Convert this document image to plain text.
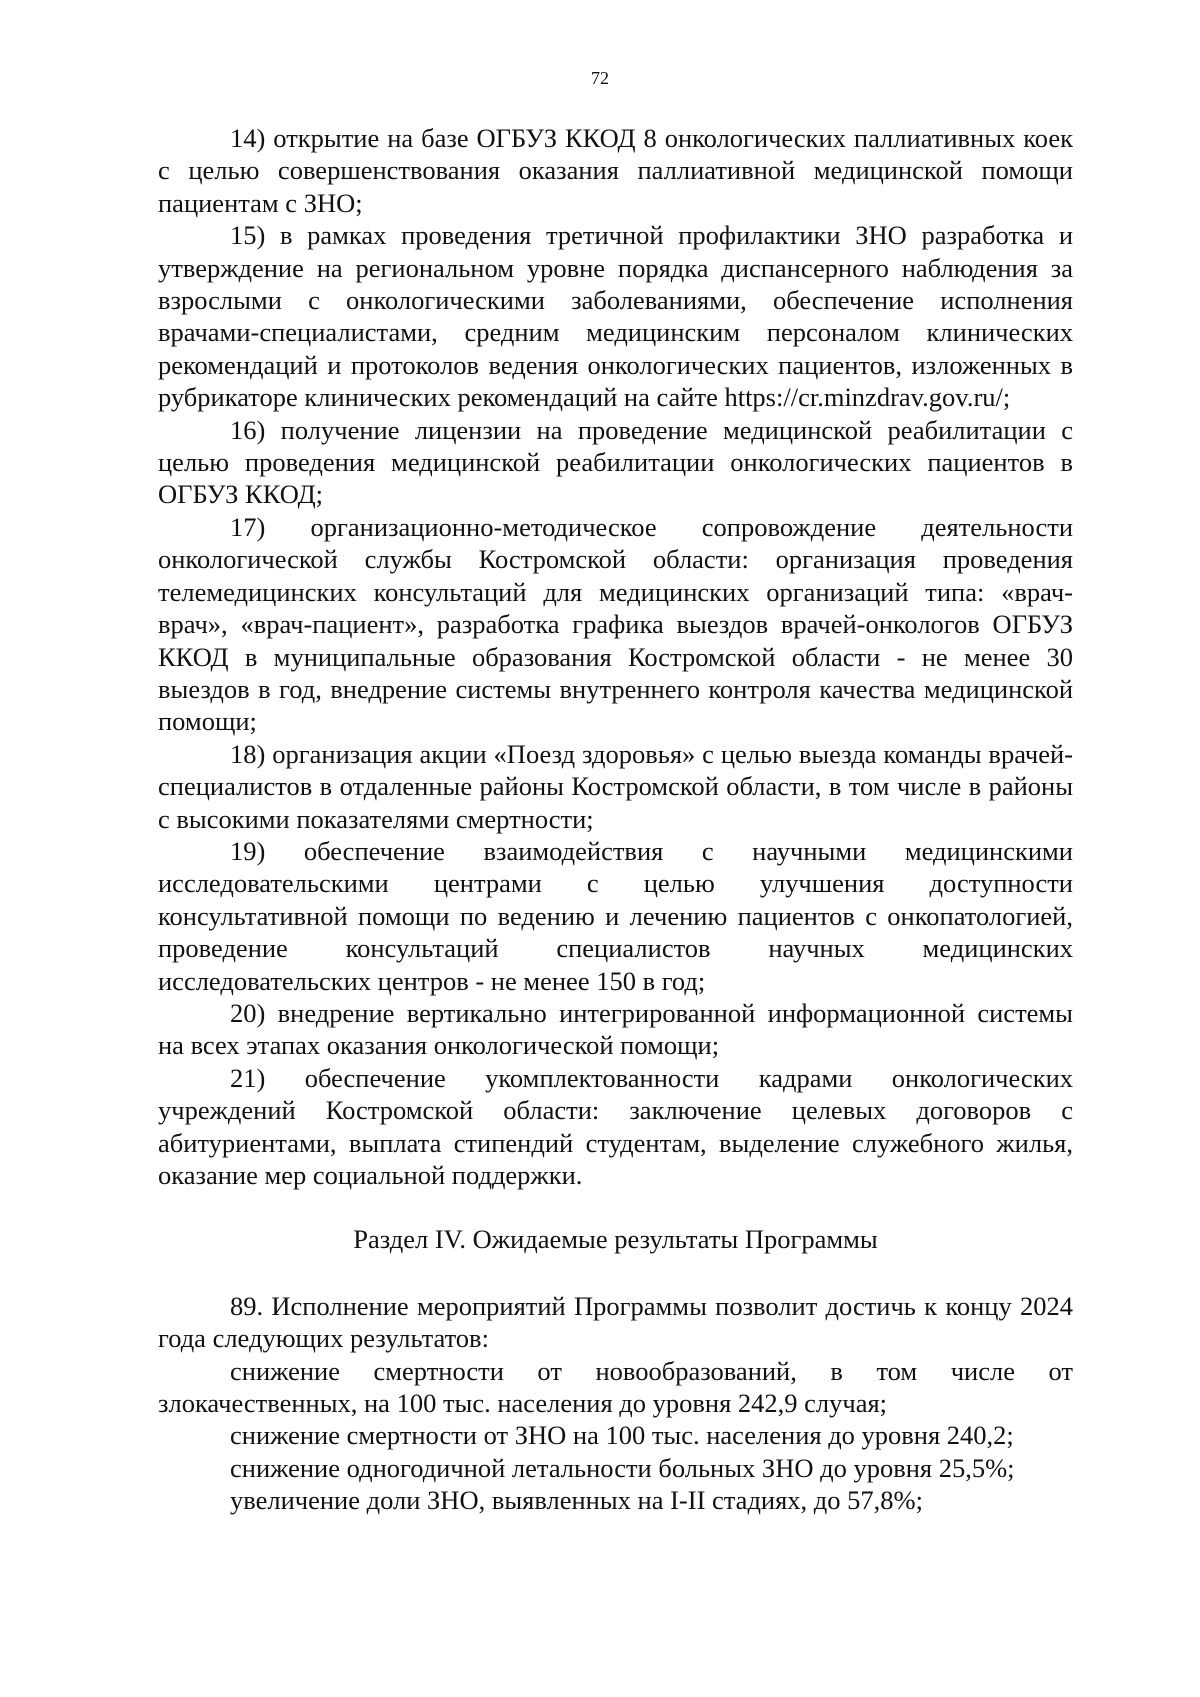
72

14) открытие на базе ОГБУЗ ККОД 8 онкологических паллиативных коек с целью совершенствования оказания паллиативной медицинской помощи пациентам с ЗНО;

15) в рамках проведения третичной профилактики ЗНО разработка и утверждение на региональном уровне порядка диспансерного наблюдения за взрослыми с онкологическими заболеваниями, обеспечение исполнения врачами-специалистами, средним медицинским персоналом клинических рекомендаций и протоколов ведения онкологических пациентов, изложенных в рубрикаторе клинических рекомендаций на сайте https://cr.minzdrav.gov.ru/;

16) получение лицензии на проведение медицинской реабилитации с целью проведения медицинской реабилитации онкологических пациентов в ОГБУЗ ККОД;

17) организационно-методическое сопровождение деятельности онкологической службы Костромской области: организация проведения телемедицинских консультаций для медицинских организаций типа: «врач-врач», «врач-пациент», разработка графика выездов врачей-онкологов ОГБУЗ ККОД в муниципальные образования Костромской области - не менее 30 выездов в год, внедрение системы внутреннего контроля качества медицинской помощи;

18) организация акции «Поезд здоровья» с целью выезда команды врачей-специалистов в отдаленные районы Костромской области, в том числе в районы с высокими показателями смертности;

19) обеспечение взаимодействия с научными медицинскими исследовательскими центрами с целью улучшения доступности консультативной помощи по ведению и лечению пациентов с онкопатологией, проведение консультаций специалистов научных медицинских исследовательских центров - не менее 150 в год;

20) внедрение вертикально интегрированной информационной системы на всех этапах оказания онкологической помощи;

21) обеспечение укомплектованности кадрами онкологических учреждений Костромской области: заключение целевых договоров с абитуриентами, выплата стипендий студентам, выделение служебного жилья, оказание мер социальной поддержки.

Раздел IV. Ожидаемые результаты Программы

89. Исполнение мероприятий Программы позволит достичь к концу 2024 года следующих результатов:

снижение смертности от новообразований, в том числе от злокачественных, на 100 тыс. населения до уровня 242,9 случая;

снижение смертности от ЗНО на 100 тыс. населения до уровня 240,2;

снижение одногодичной летальности больных ЗНО до уровня 25,5%;

увеличение доли ЗНО, выявленных на I-II стадиях, до 57,8%;
